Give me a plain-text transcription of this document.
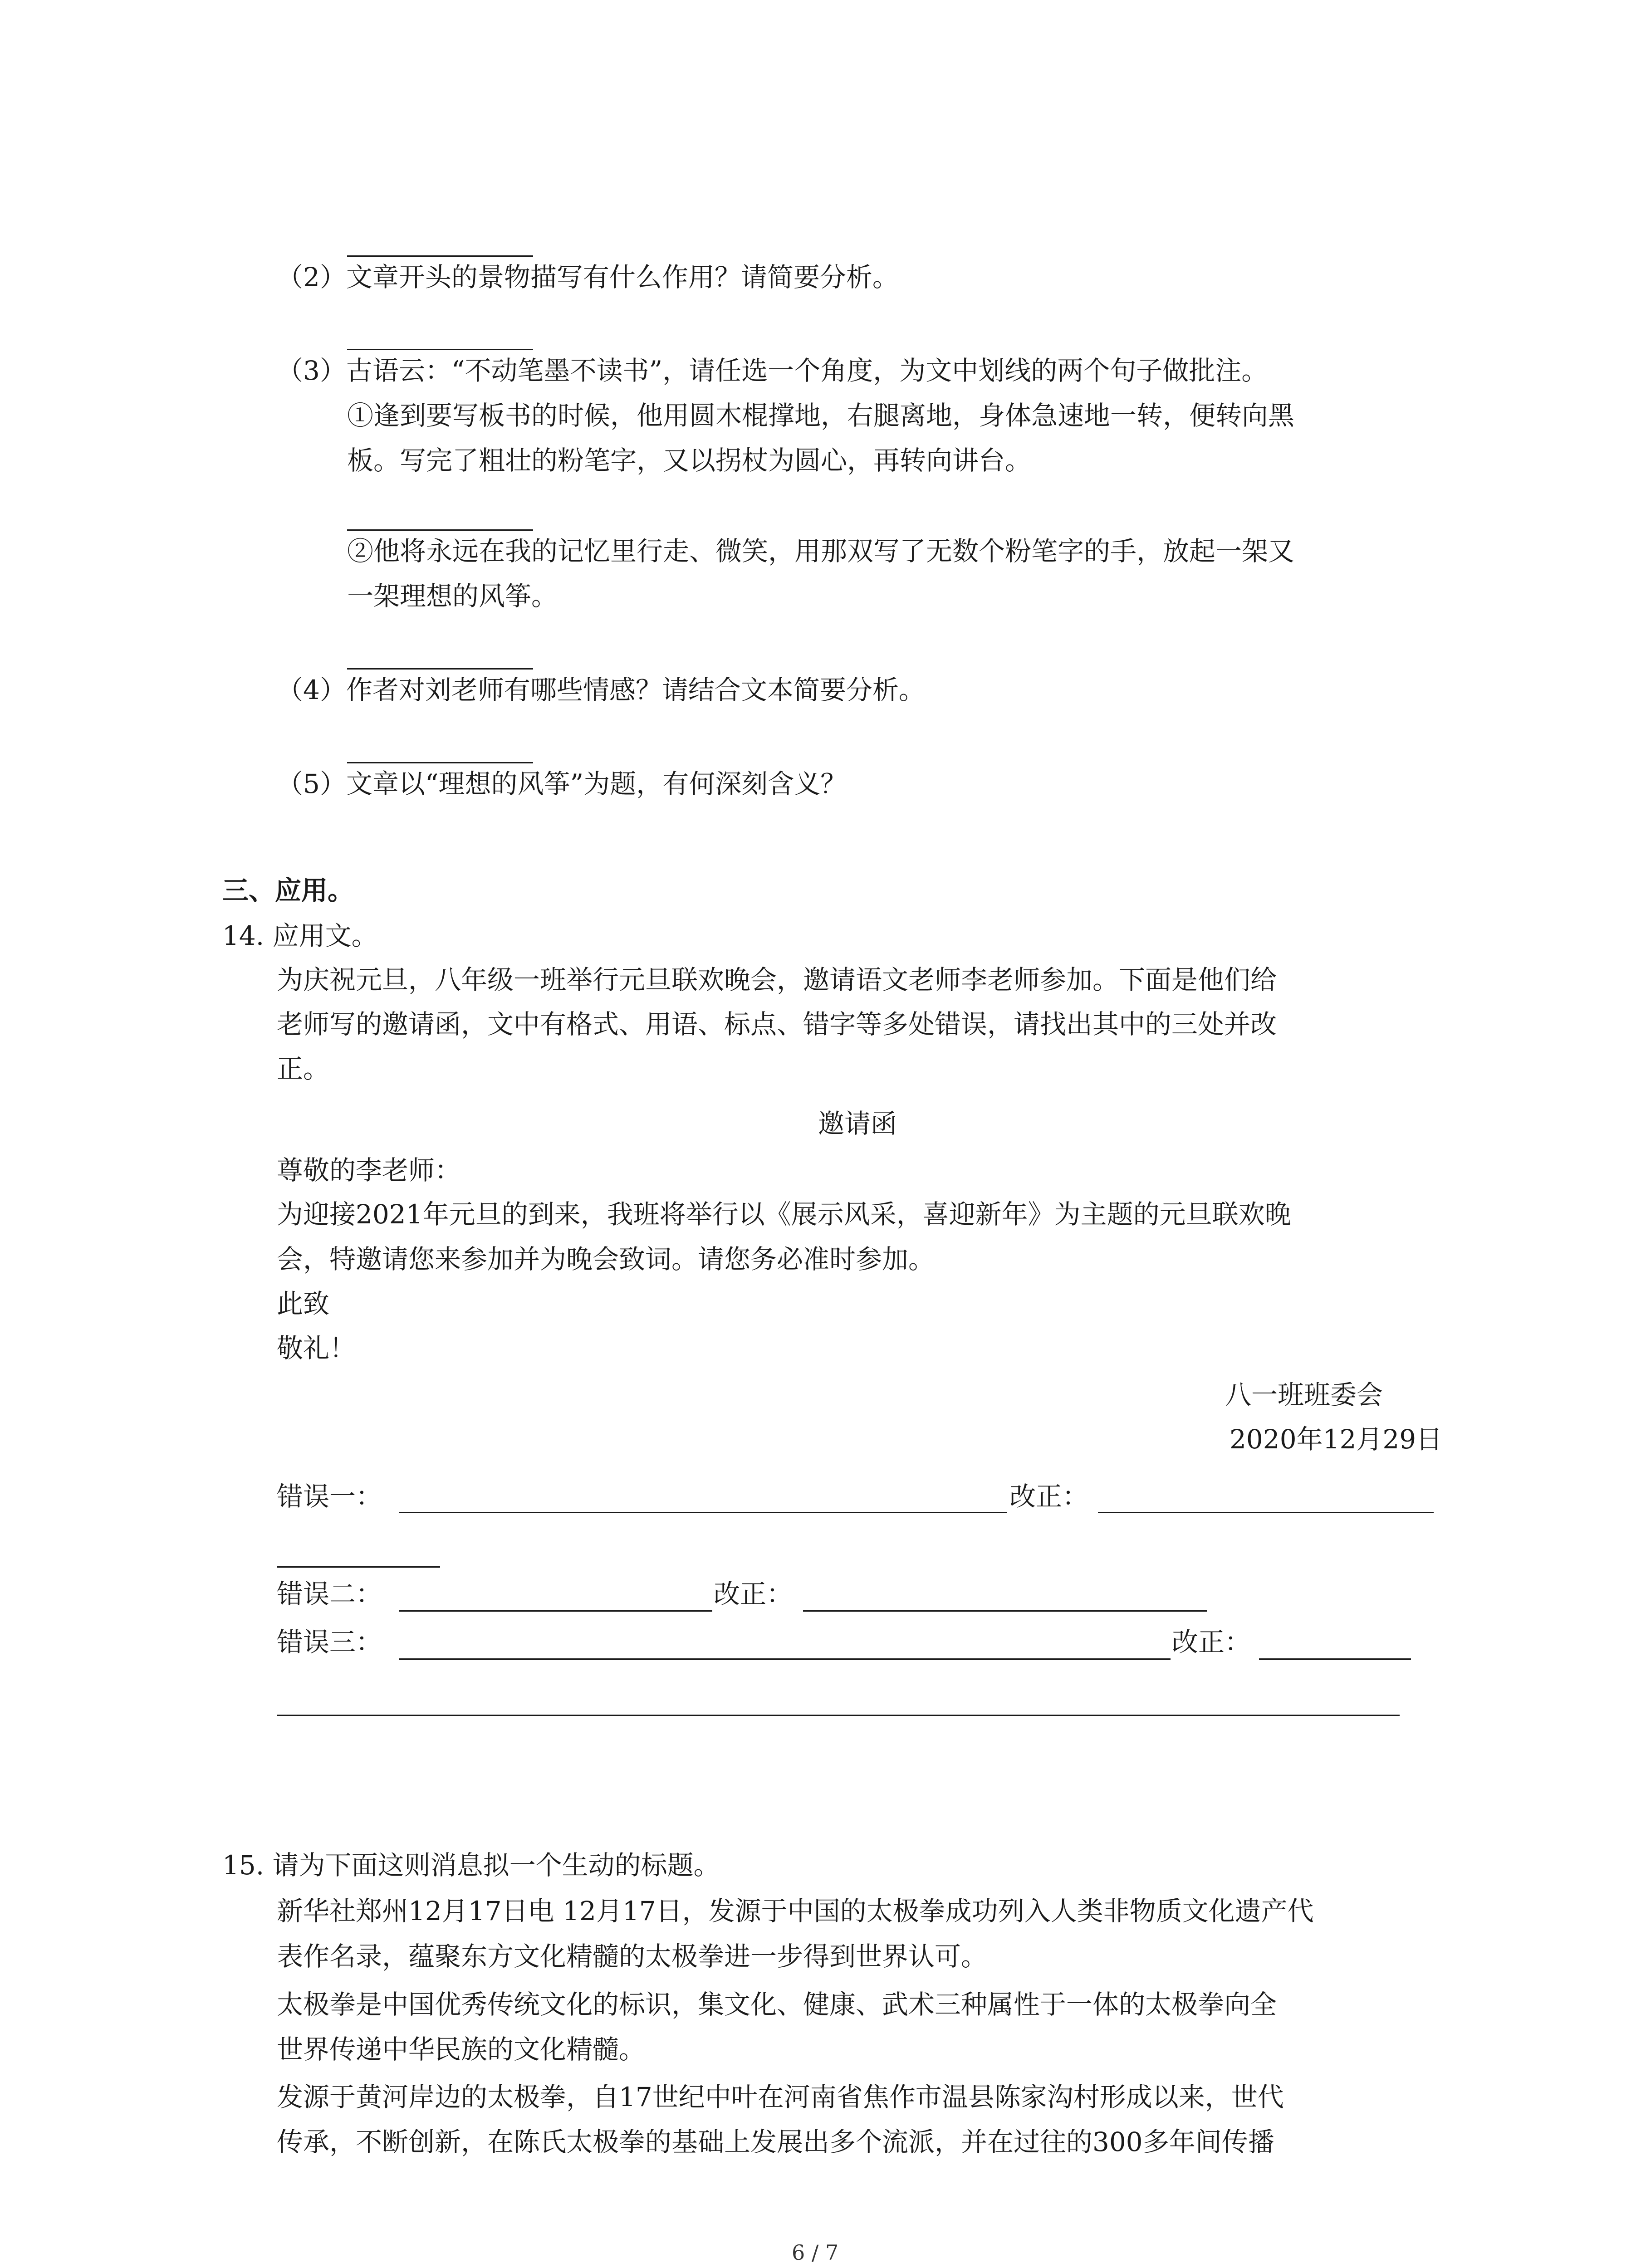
（2）文章开头的景物描写有什么作用？请简要分析。
（3）古语云：“不动笔墨不读书”，请任选一个角度，为文中划线的两个句子做批注。
①逢到要写板书的时候，他用圆木棍撑地，右腿离地，身体急速地一转，便转向黑
板。写完了粗壮的粉笔字，又以拐杖为圆心，再转向讲台。
②他将永远在我的记忆里行走、微笑，用那双写了无数个粉笔字的手，放起一架又
一架理想的风筝。
（4）作者对刘老师有哪些情感？请结合文本简要分析。
（5）文章以“理想的风筝”为题，有何深刻含义？
三、应用。
14. 应用文。
为庆祝元旦，八年级一班举行元旦联欢晚会，邀请语文老师李老师参加。下面是他们给
老师写的邀请函，文中有格式、用语、标点、错字等多处错误，请找出其中的三处并改
正。
邀请函
尊敬的李老师：
为迎接2021年元旦的到来，我班将举行以《展示风采，喜迎新年》为主题的元旦联欢晚
会，特邀请您来参加并为晚会致词。请您务必准时参加。
此致
敬礼！
八一班班委会
2020年12月29日
错误一：	改正：
错误二：	改正：
错误三：	改正：
15. 请为下面这则消息拟一个生动的标题。
新华社郑州12月17日电 12月17日，发源于中国的太极拳成功列入人类非物质文化遗产代
表作名录，蕴聚东方文化精髓的太极拳进一步得到世界认可。
太极拳是中国优秀传统文化的标识，集文化、健康、武术三种属性于一体的太极拳向全
世界传递中华民族的文化精髓。
发源于黄河岸边的太极拳，自17世纪中叶在河南省焦作市温县陈家沟村形成以来，世代
传承，不断创新，在陈氏太极拳的基础上发展出多个流派，并在过往的300多年间传播
6 / 7
